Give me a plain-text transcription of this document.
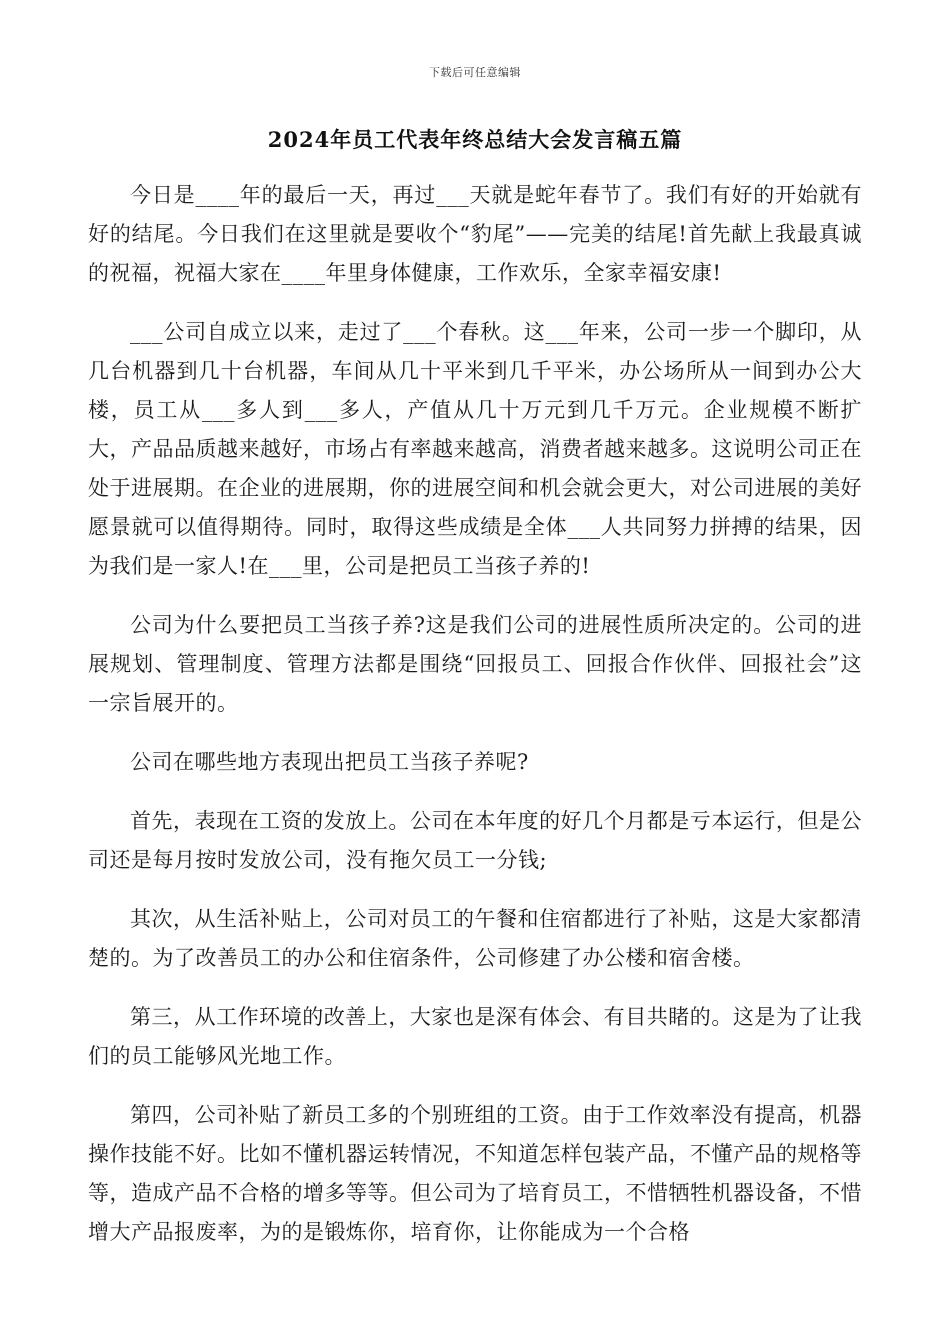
下载后可任意编辑
2024年员工代表年终总结大会发言稿五篇

今日是____年的最后一天，再过___天就是蛇年春节了。我们有好的开始就有好的结尾。今日我们在这里就是要收个“豹尾”——完美的结尾!首先献上我最真诚的祝福，祝福大家在____年里身体健康，工作欢乐，全家幸福安康!

___公司自成立以来，走过了___个春秋。这___年来，公司一步一个脚印，从几台机器到几十台机器，车间从几十平米到几千平米，办公场所从一间到办公大楼，员工从___多人到___多人，产值从几十万元到几千万元。企业规模不断扩大，产品品质越来越好，市场占有率越来越高，消费者越来越多。这说明公司正在处于进展期。在企业的进展期，你的进展空间和机会就会更大，对公司进展的美好愿景就可以值得期待。同时，取得这些成绩是全体___人共同努力拼搏的结果，因为我们是一家人!在___里，公司是把员工当孩子养的!

公司为什么要把员工当孩子养?这是我们公司的进展性质所决定的。公司的进展规划、管理制度、管理方法都是围绕“回报员工、回报合作伙伴、回报社会”这一宗旨展开的。

公司在哪些地方表现出把员工当孩子养呢?

首先，表现在工资的发放上。公司在本年度的好几个月都是亏本运行，但是公司还是每月按时发放公司，没有拖欠员工一分钱;

其次，从生活补贴上，公司对员工的午餐和住宿都进行了补贴，这是大家都清楚的。为了改善员工的办公和住宿条件，公司修建了办公楼和宿舍楼。

第三，从工作环境的改善上，大家也是深有体会、有目共睹的。这是为了让我们的员工能够风光地工作。

第四，公司补贴了新员工多的个别班组的工资。由于工作效率没有提高，机器操作技能不好。比如不懂机器运转情况，不知道怎样包装产品，不懂产品的规格等等，造成产品不合格的增多等等。但公司为了培育员工，不惜牺牲机器设备，不惜增大产品报废率，为的是锻炼你，培育你，让你能成为一个合格
